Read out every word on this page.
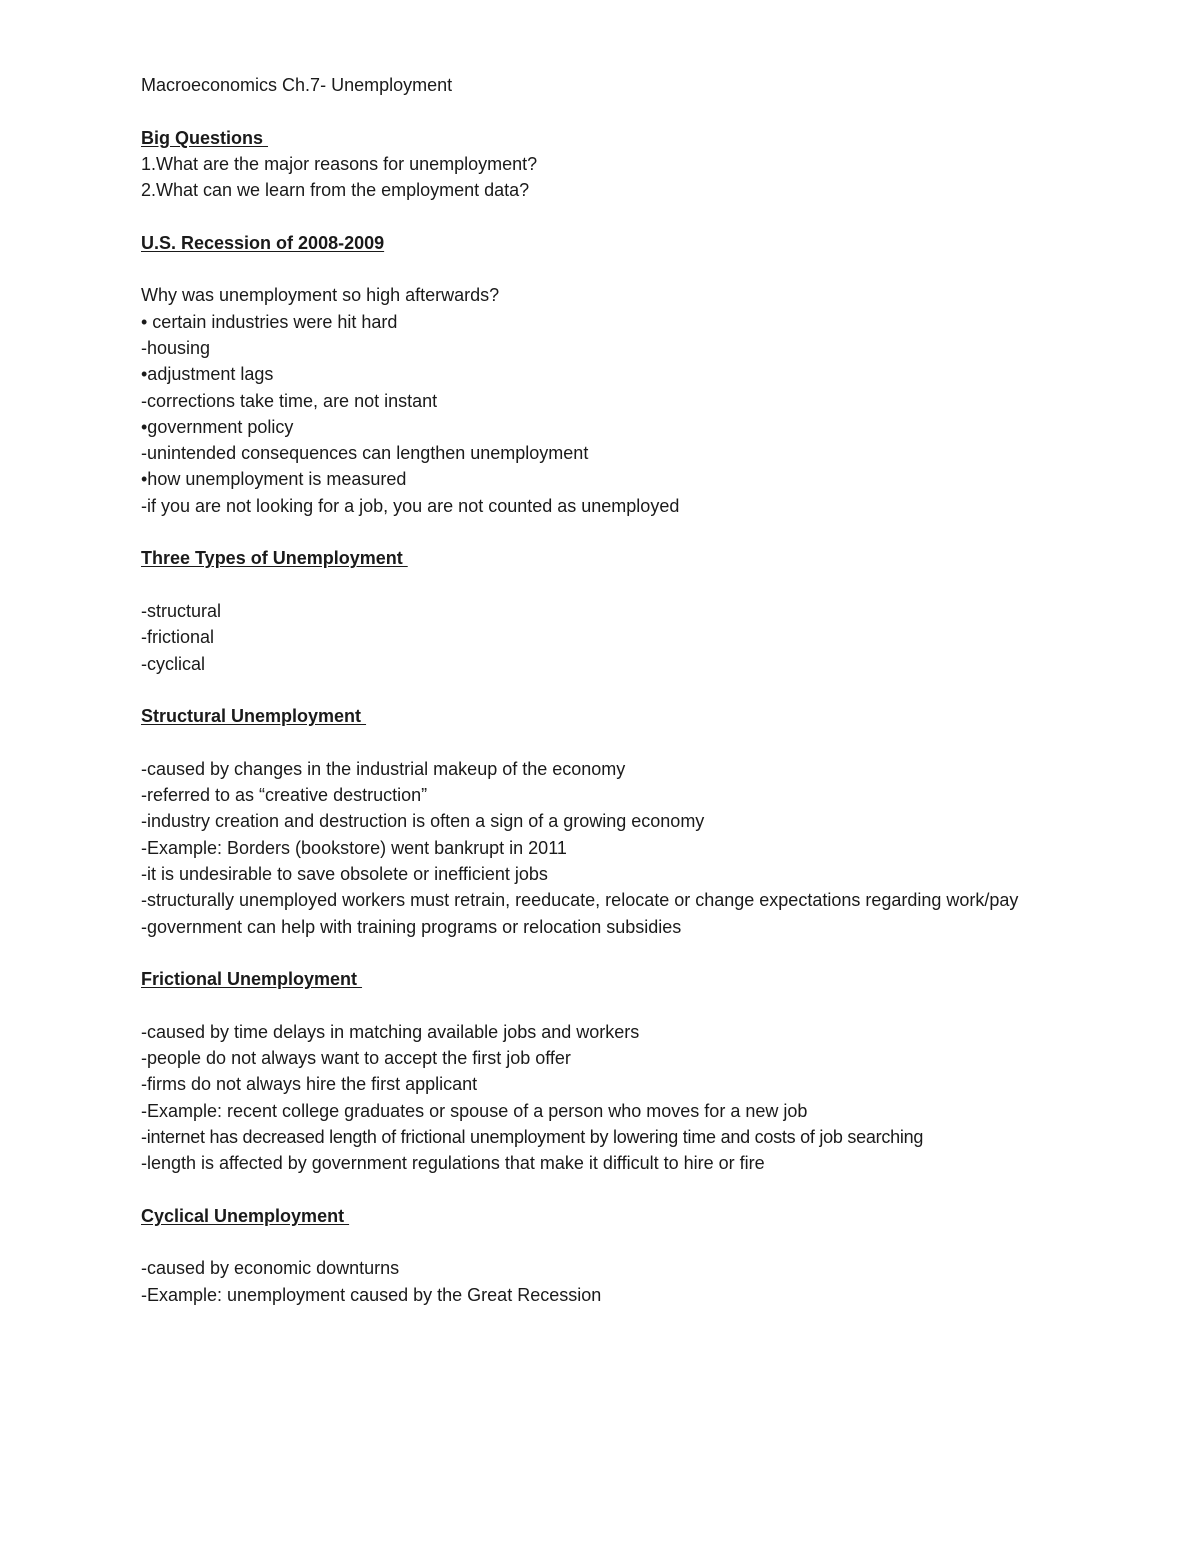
Macroeconomics Ch.7- Unemployment
Big Questions
1.What are the major reasons for unemployment?
2.What can we learn from the employment data?
U.S. Recession of 2008-2009
Why was unemployment so high afterwards?
• certain industries were hit hard
-housing
•adjustment lags
-corrections take time, are not instant
•government policy
-unintended consequences can lengthen unemployment
•how unemployment is measured
-if you are not looking for a job, you are not counted as unemployed
Three Types of Unemployment
-structural
-frictional
-cyclical
Structural Unemployment
-caused by changes in the industrial makeup of the economy
-referred to as “creative destruction”
-industry creation and destruction is often a sign of a growing economy
-Example: Borders (bookstore) went bankrupt in 2011
-it is undesirable to save obsolete or inefficient jobs
-structurally unemployed workers must retrain, reeducate, relocate or change expectations regarding work/pay
-government can help with training programs or relocation subsidies
Frictional Unemployment
-caused by time delays in matching available jobs and workers
-people do not always want to accept the first job offer
-firms do not always hire the first applicant
-Example: recent college graduates or spouse of a person who moves for a new job
-internet has decreased length of frictional unemployment by lowering time and costs of job searching
-length is affected by government regulations that make it difficult to hire or fire
Cyclical Unemployment
-caused by economic downturns
-Example: unemployment caused by the Great Recession
